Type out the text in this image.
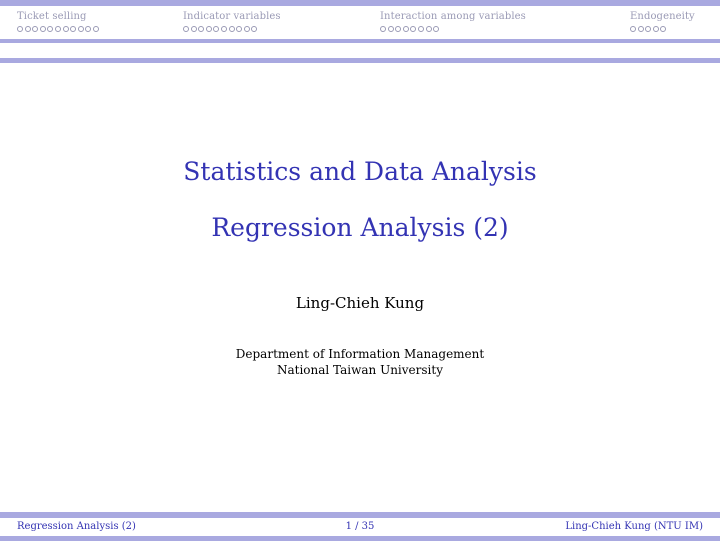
Ticket selling	Indicator variables	Interaction among variables	Endogeneity
Statistics and Data Analysis
Regression Analysis (2)
Ling-Chieh Kung
Department of Information Management
National Taiwan University
Regression Analysis (2)	1 / 35	Ling-Chieh Kung (NTU IM)
